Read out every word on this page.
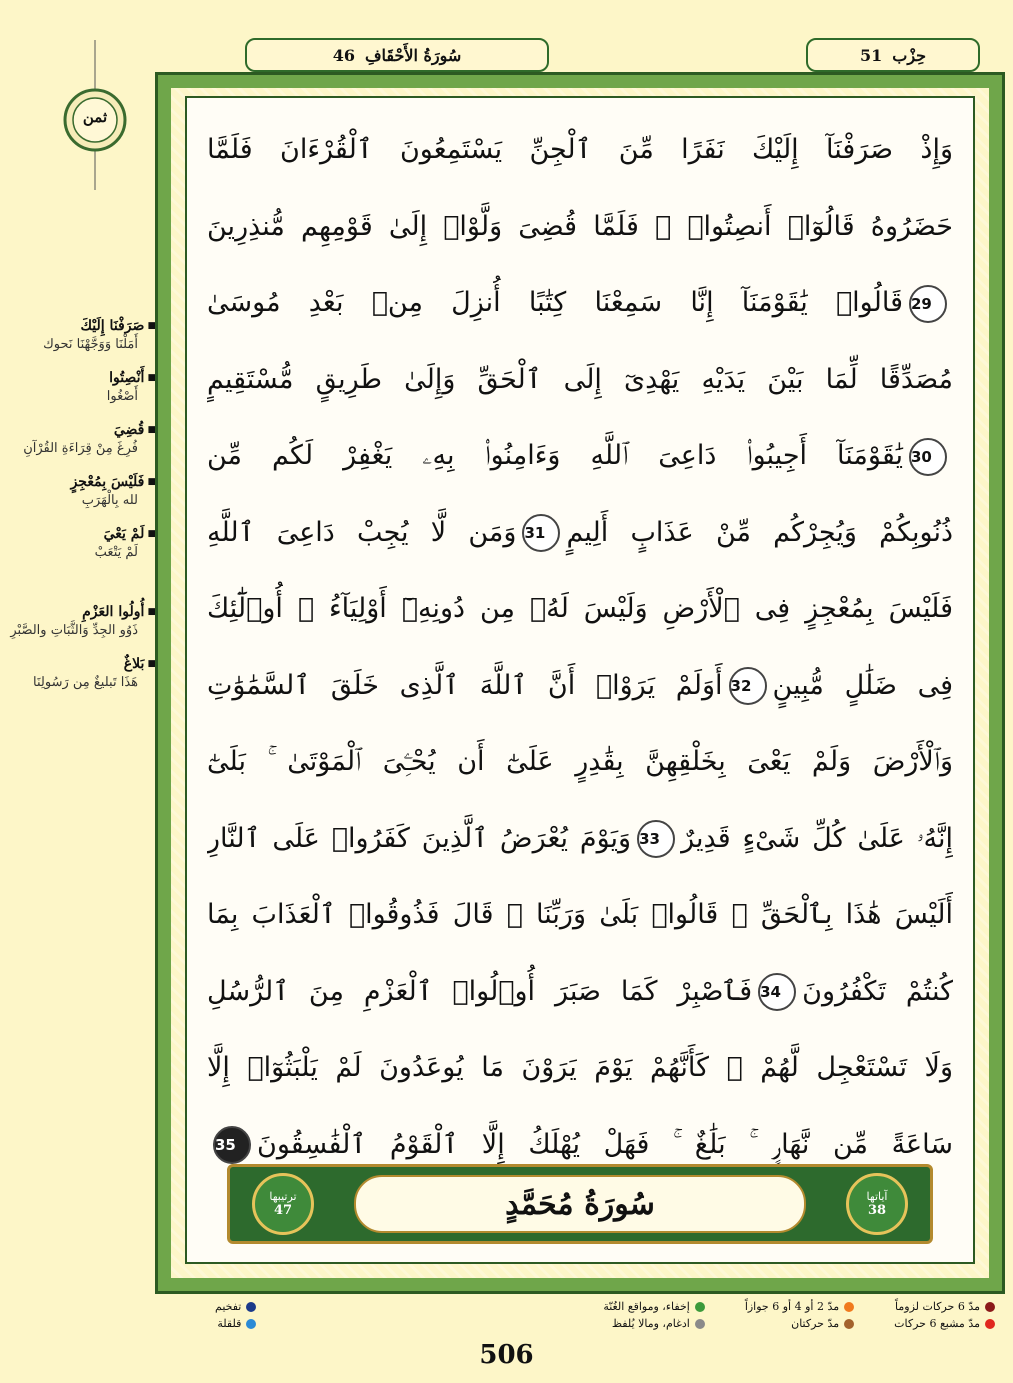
ثمن
■ صَرَفْنَا إِلَيْكَ
أَمَلْنَا وَوَجَّهْنَا نَحوك
■ أَنْصِتُوا
أَصْغُوا
■ قُضِيَ
فُرِغَ مِنْ قِرَاءَةِ القُرْآنِ
■ فَلَيْسَ بِمُعْجِزٍ
لله بِالْهَرَبِ
■ لَمْ يَعْيَ
لَمْ يَتْعَبْ
■ أُولُوا العَزْمِ
ذَوُو الجِدِّ وَالثَّبَاتِ والصَّبْرِ
■ بَلاغٌ
هَذَا تَبليغٌ مِن رَسُولِنَا
سُورَةُ الأَحْقَافِ
46	حِزْب
51
وَإِذْ صَرَفْنَآ إِلَيْكَ نَفَرًا مِّنَ ٱلْجِنِّ يَسْتَمِعُونَ ٱلْقُرْءَانَ فَلَمَّا
حَضَرُوهُ قَالُوٓا۟ أَنصِتُوا۟ ۖ فَلَمَّا قُضِىَ وَلَّوْا۟ إِلَىٰ قَوْمِهِم مُّنذِرِينَ
29قَالُوا۟ يَٰقَوْمَنَآ إِنَّا سَمِعْنَا كِتَٰبًا أُنزِلَ مِنۢ بَعْدِ مُوسَىٰ
مُصَدِّقًا لِّمَا بَيْنَ يَدَيْهِ يَهْدِىٓ إِلَى ٱلْحَقِّ وَإِلَىٰ طَرِيقٍ مُّسْتَقِيمٍ
30يَٰقَوْمَنَآ أَجِيبُوا۟ دَاعِىَ ٱللَّهِ وَءَامِنُوا۟ بِهِۦ يَغْفِرْ لَكُم مِّن
ذُنُوبِكُمْ وَيُجِرْكُم مِّنْ عَذَابٍ أَلِيمٍ31وَمَن لَّا يُجِبْ دَاعِىَ ٱللَّهِ
فَلَيْسَ بِمُعْجِزٍ فِى ٱلْأَرْضِ وَلَيْسَ لَهُۥ مِن دُونِهِۦٓ أَوْلِيَآءُ ۚ أُو۟لَٰٓئِكَ
فِى ضَلَٰلٍ مُّبِينٍ32أَوَلَمْ يَرَوْا۟ أَنَّ ٱللَّهَ ٱلَّذِى خَلَقَ ٱلسَّمَٰوَٰتِ
وَٱلْأَرْضَ وَلَمْ يَعْىَ بِخَلْقِهِنَّ بِقَٰدِرٍ عَلَىٰٓ أَن يُحْـِۧىَ ٱلْمَوْتَىٰ ۚ بَلَىٰٓ
إِنَّهُۥ عَلَىٰ كُلِّ شَىْءٍ قَدِيرٌ33وَيَوْمَ يُعْرَضُ ٱلَّذِينَ كَفَرُوا۟ عَلَى ٱلنَّارِ
أَلَيْسَ هَٰذَا بِٱلْحَقِّ ۖ قَالُوا۟ بَلَىٰ وَرَبِّنَا ۚ قَالَ فَذُوقُوا۟ ٱلْعَذَابَ بِمَا
كُنتُمْ تَكْفُرُونَ34فَٱصْبِرْ كَمَا صَبَرَ أُو۟لُوا۟ ٱلْعَزْمِ مِنَ ٱلرُّسُلِ
وَلَا تَسْتَعْجِل لَّهُمْ ۚ كَأَنَّهُمْ يَوْمَ يَرَوْنَ مَا يُوعَدُونَ لَمْ يَلْبَثُوٓا۟ إِلَّا
سَاعَةً مِّن نَّهَارٍۭ ۚ بَلَٰغٌ ۚ فَهَلْ يُهْلَكُ إِلَّا ٱلْقَوْمُ ٱلْفَٰسِقُونَ35
ترتيبها
47	سُورَةُ مُحَمَّدٍ	آياتها
38
مدّ 6 حركات لزوماً
مدّ مشبع 6 حركات
مدّ 2 أو 4 أو 6 جوازاً
مدّ حركتان
إخفاء، ومواقع الغُنّة
ادغام، ومالا يُلفظ
تفخيم
قلقلة
506
